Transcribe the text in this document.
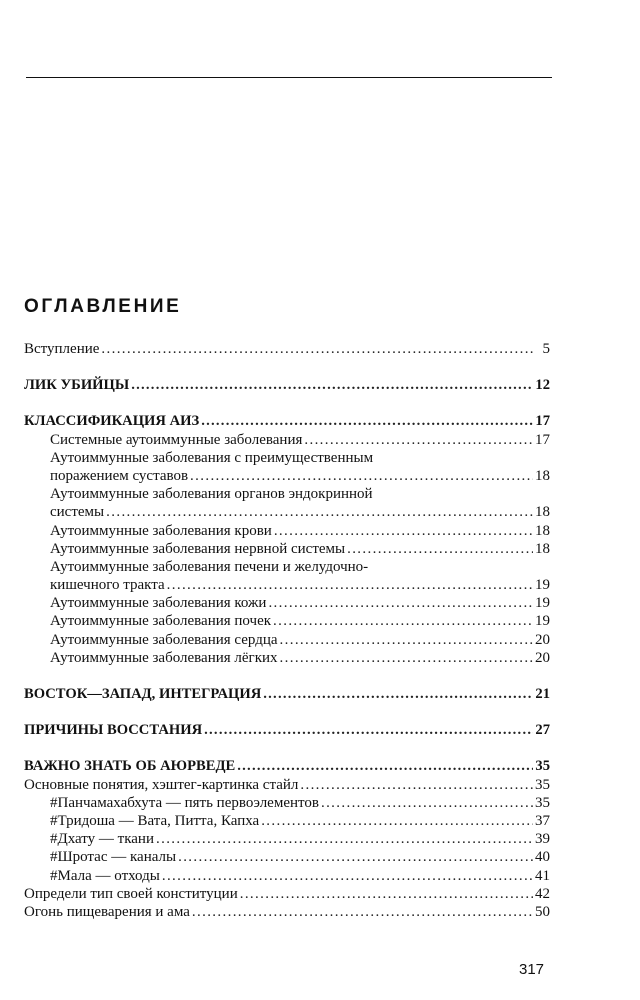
ОГЛАВЛЕНИЕ
Вступление . . .	5
ЛИК УБИЙЦЫ . . .	12
КЛАССИФИКАЦИЯ АИЗ . . .	17
Системные аутоиммунные заболевания . . .	17
Аутоиммунные заболевания с преимущественным
поражением суставов . . .	18
Аутоиммунные заболевания органов эндокринной
системы . . .	18
Аутоиммунные заболевания крови . . .	18
Аутоиммунные заболевания нервной системы . . .	18
Аутоиммунные заболевания печени и желудочно-
кишечного тракта . . .	19
Аутоиммунные заболевания кожи . . .	19
Аутоиммунные заболевания почек . . .	19
Аутоиммунные заболевания сердца . . .	20
Аутоиммунные заболевания лёгких . . .	20
ВОСТОК—ЗАПАД, ИНТЕГРАЦИЯ . . .	21
ПРИЧИНЫ ВОССТАНИЯ . . .	27
ВАЖНО ЗНАТЬ ОБ АЮРВЕДЕ . . .	35
Основные понятия, хэштег-картинка стайл . . .	35
#Панчамахабхута — пять первоэлементов . . .	35
#Тридоша — Вата, Питта, Капха . . .	37
#Дхату — ткани . . .	39
#Шротас — каналы . . .	40
#Мала — отходы . . .	41
Определи тип своей конституции . . .	42
Огонь пищеварения и ама . . .	50

317
